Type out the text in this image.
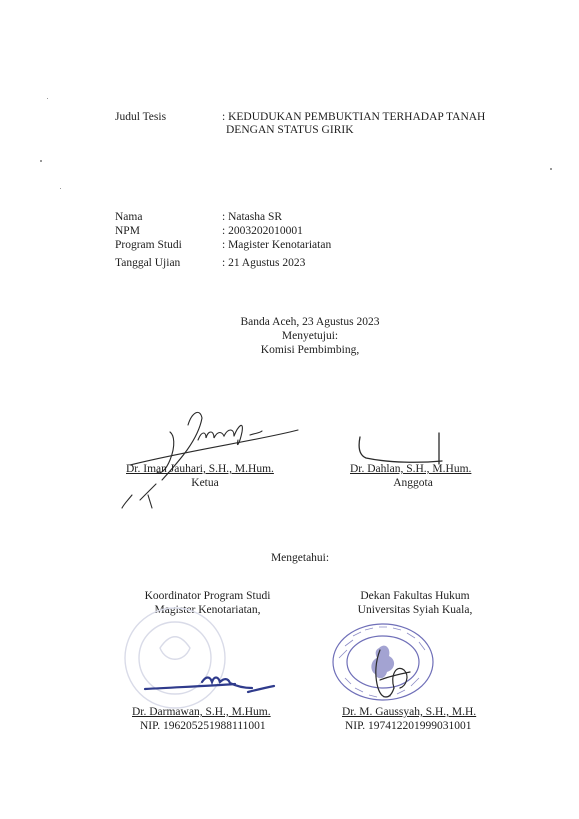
Judul Tesis	: KEDUDUKAN PEMBUKTIAN TERHADAP TANAH
DENGAN STATUS GIRIK
Nama	: Natasha SR
NPM	: 2003202010001
Program Studi	: Magister Kenotariatan
Tanggal Ujian	: 21 Agustus 2023
Banda Aceh, 23 Agustus 2023
Menyetujui:
Komisi Pembimbing,
Dr. Iman Jauhari, S.H., M.Hum.
Ketua
Dr. Dahlan, S.H., M.Hum.
Anggota
Mengetahui:
Koordinator Program Studi
Magister Kenotariatan,
Dr. Darmawan, S.H., M.Hum.
NIP. 196205251988111001
Dekan Fakultas Hukum
Universitas Syiah Kuala,
Dr. M. Gaussyah, S.H., M.H.
NIP. 197412201999031001
